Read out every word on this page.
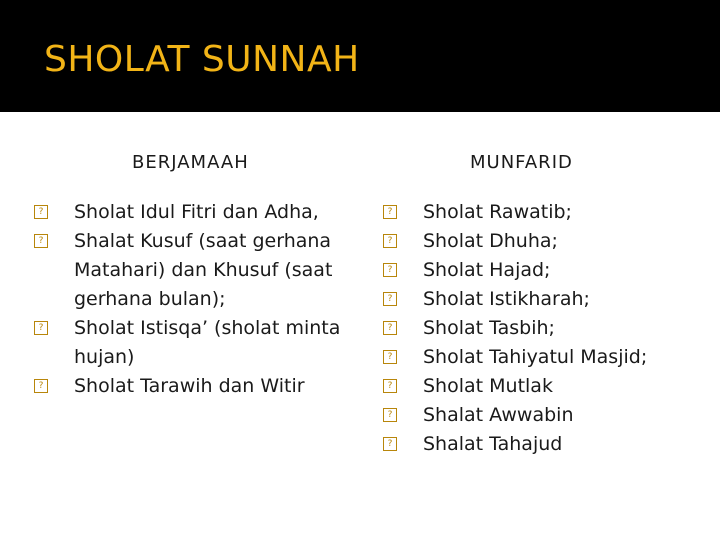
SHOLAT SUNNAH
BERJAMAAH	MUNFARID
? Sholat Idul Fitri dan Adha,
? Shalat Kusuf (saat gerhana
Matahari) dan Khusuf (saat
gerhana bulan);
? Sholat Istisqa’ (sholat minta
hujan)
? Sholat Tarawih dan Witir
? Sholat Rawatib;
? Sholat Dhuha;
? Sholat Hajad;
? Sholat Istikharah;
? Sholat Tasbih;
? Sholat Tahiyatul Masjid;
? Sholat Mutlak
? Shalat Awwabin
? Shalat Tahajud
